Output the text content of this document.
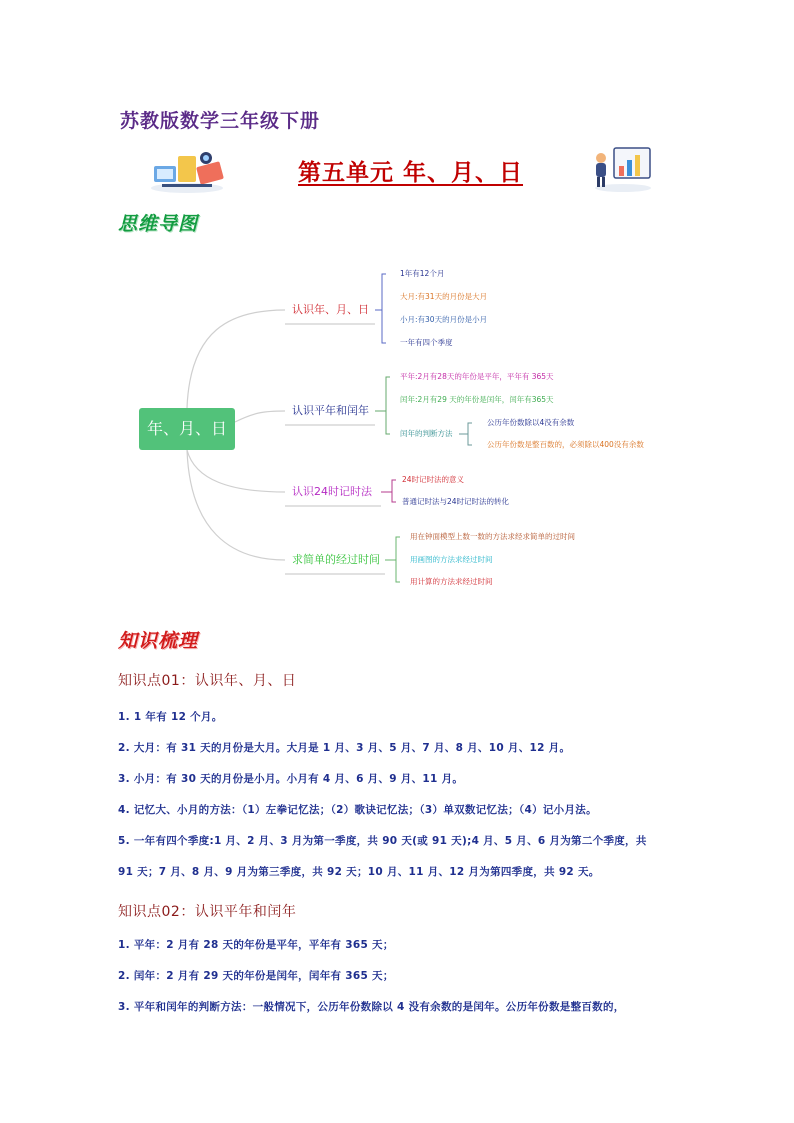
苏教版数学三年级下册
第五单元 年、月、日
思维导图
年、月、日
认识年、月、日
1年有12个月
大月:有31天的月份是大月
小月:有30天的月份是小月
一年有四个季度
认识平年和闰年
平年:2月有28天的年份是平年，平年有 365天
闰年:2月有29 天的年份是闰年，闰年有365天
闰年的判断方法
公历年份数除以4没有余数
公历年份数是整百数的，必须除以400没有余数
认识24时记时法
24时记时法的意义
普通记时法与24时记时法的转化
求简单的经过时间
用在钟面模型上数一数的方法求经求简单的过时间
用画图的方法求经过时间
用计算的方法求经过时间
知识梳理
知识点01：认识年、月、日
1. 1 年有 12 个月。
2. 大月：有 31 天的月份是大月。大月是 1 月、3 月、5 月、7 月、8 月、10 月、12 月。
3. 小月：有 30 天的月份是小月。小月有 4 月、6 月、9 月、11 月。
4. 记忆大、小月的方法：（1）左拳记忆法；（2）歌诀记忆法；（3）单双数记忆法；（4）记小月法。
5. 一年有四个季度:1 月、2 月、3 月为第一季度，共 90 天(或 91 天);4 月、5 月、6 月为第二个季度，共
91 天；7 月、8 月、9 月为第三季度，共 92 天；10 月、11 月、12 月为第四季度，共 92 天。
知识点02：认识平年和闰年
1. 平年：2 月有 28 天的年份是平年，平年有 365 天；
2. 闰年：2 月有 29 天的年份是闰年，闰年有 365 天；
3. 平年和闰年的判断方法：一般情况下，公历年份数除以 4 没有余数的是闰年。公历年份数是整百数的，
